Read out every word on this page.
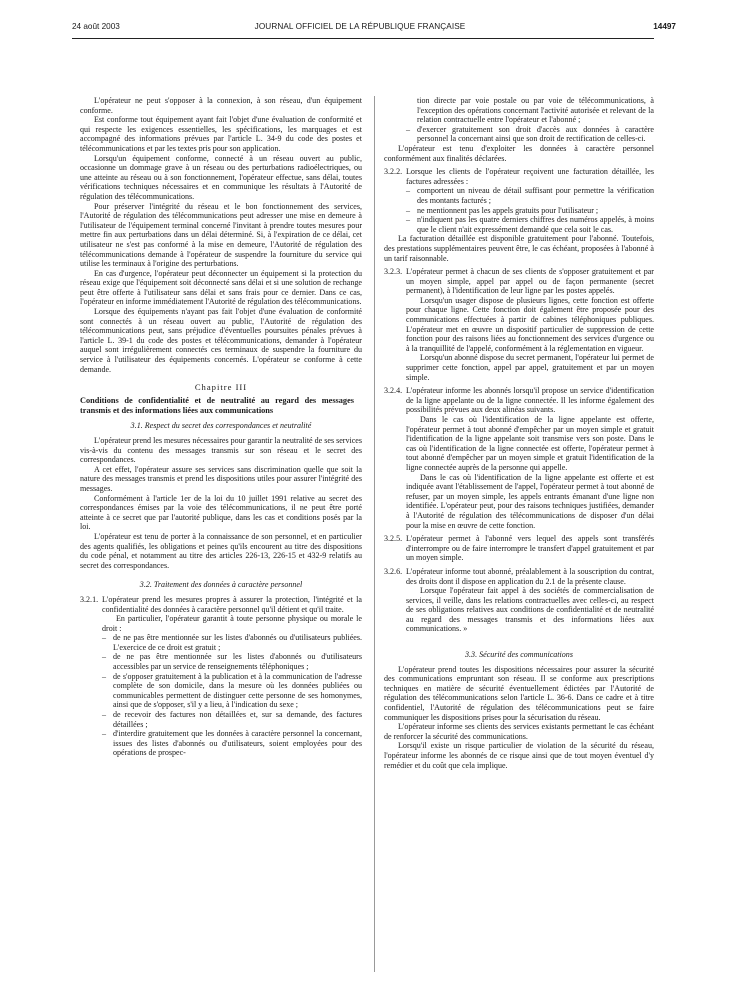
24 août 2003	JOURNAL OFFICIEL DE LA RÉPUBLIQUE FRANÇAISE	14497

L'opérateur ne peut s'opposer à la connexion, à son réseau, d'un équipement conforme.

Est conforme tout équipement ayant fait l'objet d'une évaluation de conformité et qui respecte les exigences essentielles, les spécifications, les marquages et est accompagné des informations prévues par l'article L. 34-9 du code des postes et télécommunications et par les textes pris pour son application.

Lorsqu'un équipement conforme, connecté à un réseau ouvert au public, occasionne un dommage grave à un réseau ou des perturbations radioélectriques, ou une atteinte au réseau ou à son fonctionnement, l'opérateur effectue, sans délai, toutes vérifications techniques nécessaires et en communique les résultats à l'Autorité de régulation des télécommunications.

Pour préserver l'intégrité du réseau et le bon fonctionnement des services, l'Autorité de régulation des télécommunications peut adresser une mise en demeure à l'utilisateur de l'équipement terminal concerné l'invitant à prendre toutes mesures pour mettre fin aux perturbations dans un délai déterminé. Si, à l'expiration de ce délai, cet utilisateur ne s'est pas conformé à la mise en demeure, l'Autorité de régulation des télécommunications demande à l'opérateur de suspendre la fourniture du service qui utilise les terminaux à l'origine des perturbations.

En cas d'urgence, l'opérateur peut déconnecter un équipement si la protection du réseau exige que l'équipement soit déconnecté sans délai et si une solution de rechange peut être offerte à l'utilisateur sans délai et sans frais pour ce dernier. Dans ce cas, l'opérateur en informe immédiatement l'Autorité de régulation des télécommunications.

Lorsque des équipements n'ayant pas fait l'objet d'une évaluation de conformité sont connectés à un réseau ouvert au public, l'Autorité de régulation des télécommunications peut, sans préjudice d'éventuelles poursuites pénales prévues à l'article L. 39-1 du code des postes et télécommunications, demander à l'opérateur auquel sont irrégulièrement connectés ces terminaux de suspendre la fourniture du service à l'utilisateur des équipements concernés. L'opérateur se conforme à cette demande.

Chapitre III

Conditions de confidentialité et de neutralité au regard des messages transmis et des informations liées aux communications

3.1. Respect du secret des correspondances et neutralité

L'opérateur prend les mesures nécessaires pour garantir la neutralité de ses services vis-à-vis du contenu des messages transmis sur son réseau et le secret des correspondances.

A cet effet, l'opérateur assure ses services sans discrimination quelle que soit la nature des messages transmis et prend les dispositions utiles pour assurer l'intégrité des messages.

Conformément à l'article 1er de la loi du 10 juillet 1991 relative au secret des correspondances émises par la voie des télécommunications, il ne peut être porté atteinte à ce secret que par l'autorité publique, dans les cas et conditions posés par la loi.

L'opérateur est tenu de porter à la connaissance de son personnel, et en particulier des agents qualifiés, les obligations et peines qu'ils encourent au titre des dispositions du code pénal, et notamment au titre des articles 226-13, 226-15 et 432-9 relatifs au secret des correspondances.

3.2. Traitement des données à caractère personnel

3.2.1. L'opérateur prend les mesures propres à assurer la protection, l'intégrité et la confidentialité des données à caractère personnel qu'il détient et qu'il traite.

En particulier, l'opérateur garantit à toute personne physique ou morale le droit :

– de ne pas être mentionnée sur les listes d'abonnés ou d'utilisateurs publiées. L'exercice de ce droit est gratuit ;
– de ne pas être mentionnée sur les listes d'abonnés ou d'utilisateurs accessibles par un service de renseignements téléphoniques ;
– de s'opposer gratuitement à la publication et à la communication de l'adresse complète de son domicile, dans la mesure où les données publiées ou communicables permettent de distinguer cette personne de ses homonymes, ainsi que de s'opposer, s'il y a lieu, à l'indication du sexe ;
– de recevoir des factures non détaillées et, sur sa demande, des factures détaillées ;
– d'interdire gratuitement que les données à caractère personnel la concernant, issues des listes d'abonnés ou d'utilisateurs, soient employées pour des opérations de prospec-
tion directe par voie postale ou par voie de télécommunications, à l'exception des opérations concernant l'activité autorisée et relevant de la relation contractuelle entre l'opérateur et l'abonné ;
– d'exercer gratuitement son droit d'accès aux données à caractère personnel la concernant ainsi que son droit de rectification de celles-ci.

L'opérateur est tenu d'exploiter les données à caractère personnel conformément aux finalités déclarées.

3.2.2. Lorsque les clients de l'opérateur reçoivent une facturation détaillée, les factures adressées :

– comportent un niveau de détail suffisant pour permettre la vérification des montants facturés ;
– ne mentionnent pas les appels gratuits pour l'utilisateur ;
– n'indiquent pas les quatre derniers chiffres des numéros appelés, à moins que le client n'ait expressément demandé que cela soit le cas.

La facturation détaillée est disponible gratuitement pour l'abonné. Toutefois, des prestations supplémentaires peuvent être, le cas échéant, proposées à l'abonné à un tarif raisonnable.

3.2.3. L'opérateur permet à chacun de ses clients de s'opposer gratuitement et par un moyen simple, appel par appel ou de façon permanente (secret permanent), à l'identification de leur ligne par les postes appelés.

Lorsqu'un usager dispose de plusieurs lignes, cette fonction est offerte pour chaque ligne. Cette fonction doit également être proposée pour des communications effectuées à partir de cabines téléphoniques publiques. L'opérateur met en œuvre un dispositif particulier de suppression de cette fonction pour des raisons liées au fonctionnement des services d'urgence ou à la tranquillité de l'appelé, conformément à la réglementation en vigueur.

Lorsqu'un abonné dispose du secret permanent, l'opérateur lui permet de supprimer cette fonction, appel par appel, gratuitement et par un moyen simple.

3.2.4. L'opérateur informe les abonnés lorsqu'il propose un service d'identification de la ligne appelante ou de la ligne connectée. Il les informe également des possibilités prévues aux deux alinéas suivants.

Dans le cas où l'identification de la ligne appelante est offerte, l'opérateur permet à tout abonné d'empêcher par un moyen simple et gratuit l'identification de la ligne appelante soit transmise vers son poste. Dans le cas où l'identification de la ligne connectée est offerte, l'opérateur permet à tout abonné d'empêcher par un moyen simple et gratuit l'identification de la ligne connectée auprès de la personne qui appelle.

Dans le cas où l'identification de la ligne appelante est offerte et est indiquée avant l'établissement de l'appel, l'opérateur permet à tout abonné de refuser, par un moyen simple, les appels entrants émanant d'une ligne non identifiée. L'opérateur peut, pour des raisons techniques justifiées, demander à l'Autorité de régulation des télécommunications de disposer d'un délai pour la mise en œuvre de cette fonction.

3.2.5. L'opérateur permet à l'abonné vers lequel des appels sont transférés d'interrompre ou de faire interrompre le transfert d'appel gratuitement et par un moyen simple.

3.2.6. L'opérateur informe tout abonné, préalablement à la souscription du contrat, des droits dont il dispose en application du 2.1 de la présente clause.

Lorsque l'opérateur fait appel à des sociétés de commercialisation de services, il veille, dans les relations contractuelles avec celles-ci, au respect de ses obligations relatives aux conditions de confidentialité et de neutralité au regard des messages transmis et des informations liées aux communications. »

3.3. Sécurité des communications

L'opérateur prend toutes les dispositions nécessaires pour assurer la sécurité des communications empruntant son réseau. Il se conforme aux prescriptions techniques en matière de sécurité éventuellement édictées par l'Autorité de régulation des télécommunications selon l'article L. 36-6. Dans ce cadre et à titre confidentiel, l'Autorité de régulation des télécommunications peut se faire communiquer les dispositions prises pour la sécurisation du réseau.

L'opérateur informe ses clients des services existants permettant le cas échéant de renforcer la sécurité des communications.

Lorsqu'il existe un risque particulier de violation de la sécurité du réseau, l'opérateur informe les abonnés de ce risque ainsi que de tout moyen éventuel d'y remédier et du coût que cela implique.
